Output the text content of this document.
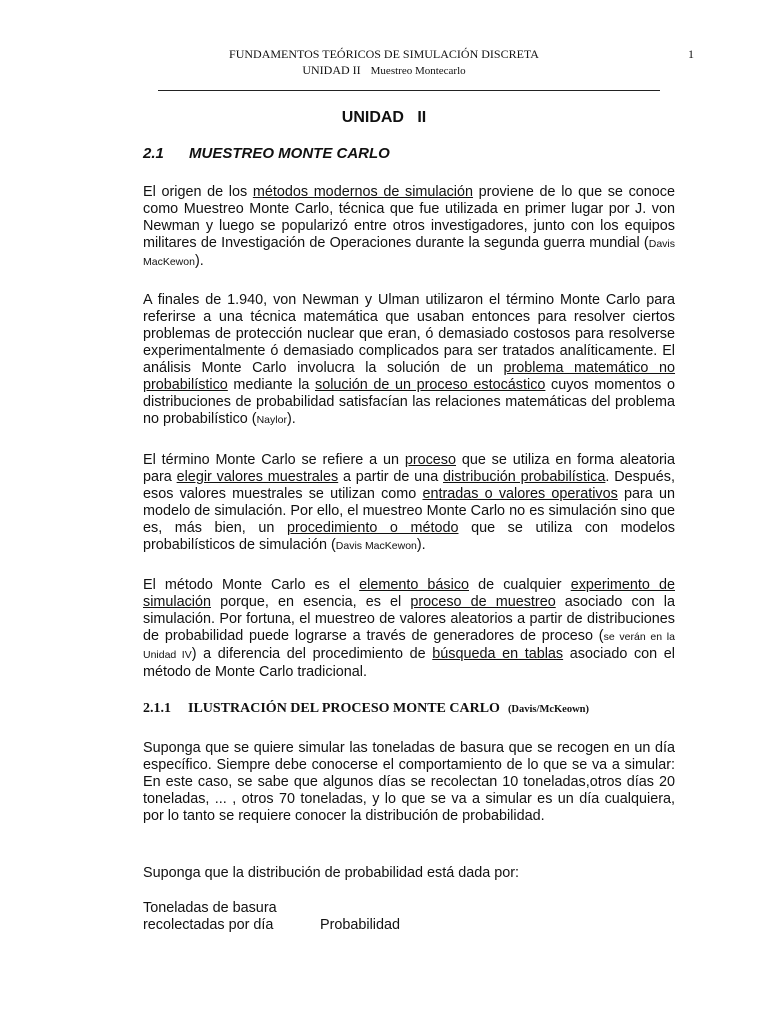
FUNDAMENTOS TEÓRICOS DE SIMULACIÓN DISCRETA
UNIDAD II Muestreo Montecarlo
1
UNIDAD   II
2.1 MUESTREO MONTE CARLO
El origen de los métodos modernos de simulación proviene de lo que se conoce como Muestreo Monte Carlo, técnica que fue utilizada en primer lugar por J. von Newman y luego se popularizó entre otros investigadores, junto con los equipos militares de Investigación de Operaciones durante la segunda guerra mundial (Davis MacKewon).
A finales de 1.940, von Newman y Ulman utilizaron el término Monte Carlo para referirse a una técnica matemática que usaban entonces para resolver ciertos problemas de protección nuclear que eran, ó demasiado costosos para resolverse experimentalmente ó demasiado complicados para ser tratados analíticamente. El análisis Monte Carlo involucra la solución de un problema matemático no probabilístico mediante la solución de un proceso estocástico cuyos momentos o distribuciones de probabilidad satisfacían las relaciones matemáticas del problema no probabilístico (Naylor).
El término Monte Carlo se refiere a un proceso que se utiliza en forma aleatoria para elegir valores muestrales a partir de una distribución probabilística. Después, esos valores muestrales se utilizan como entradas o valores operativos para un modelo de simulación. Por ello, el muestreo Monte Carlo no es simulación sino que es, más bien, un procedimiento o método que se utiliza con modelos probabilísticos de simulación (Davis MacKewon).
El método Monte Carlo es el elemento básico de cualquier experimento de simulación porque, en esencia, es el proceso de muestreo asociado con la simulación. Por fortuna, el muestreo de valores aleatorios a partir de distribuciones de probabilidad puede lograrse a través de generadores de proceso (se verán en la Unidad IV) a diferencia del procedimiento de búsqueda en tablas asociado con el método de Monte Carlo tradicional.
2.1.1 ILUSTRACIÓN DEL PROCESO MONTE CARLO (Davis/McKeown)
Suponga que se quiere simular las toneladas de basura que se recogen en un día específico. Siempre debe conocerse el comportamiento de lo que se va a simular: En este caso, se sabe que algunos días se recolectan 10 toneladas,otros días 20 toneladas, ... , otros 70 toneladas, y lo que se va a simular es un día cualquiera, por lo tanto se requiere conocer la distribución de probabilidad.
Suponga que la distribución de probabilidad está dada por:
Toneladas de basura
recolectadas por día	Probabilidad
